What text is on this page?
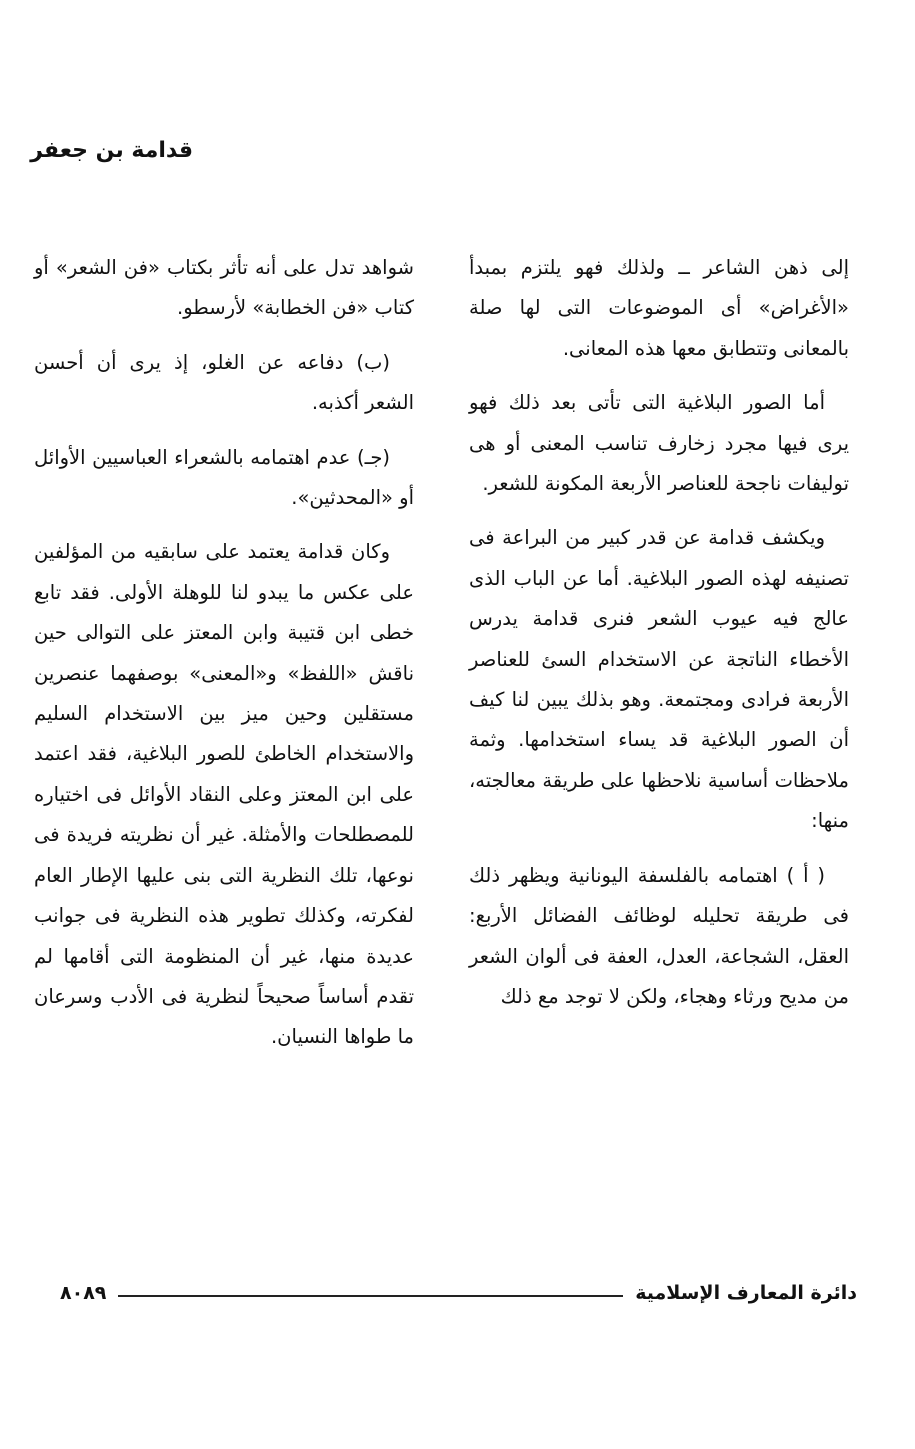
قدامة بن جعفر

إلى ذهن الشاعر ــ ولذلك فهو يلتزم بمبدأ «الأغراض» أى الموضوعات التى لها صلة بالمعانى وتتطابق معها هذه المعانى.

أما الصور البلاغية التى تأتى بعد ذلك فهو يرى فيها مجرد زخارف تناسب المعنى أو هى توليفات ناجحة للعناصر الأربعة المكونة للشعر.

ويكشف قدامة عن قدر كبير من البراعة فى تصنيفه لهذه الصور البلاغية. أما عن الباب الذى عالج فيه عيوب الشعر فنرى قدامة يدرس الأخطاء الناتجة عن الاستخدام السئ للعناصر الأربعة فرادى ومجتمعة. وهو بذلك يبين لنا كيف أن الصور البلاغية قد يساء استخدامها. وثمة ملاحظات أساسية نلاحظها على طريقة معالجته، منها:

( أ ) اهتمامه بالفلسفة اليونانية ويظهر ذلك فى طريقة تحليله لوظائف الفضائل الأربع: العقل، الشجاعة، العدل، العفة فى ألوان الشعر من مديح ورثاء وهجاء، ولكن لا توجد مع ذلك

شواهد تدل على أنه تأثر بكتاب «فن الشعر» أو كتاب «فن الخطابة» لأرسطو.

(ب) دفاعه عن الغلو، إذ يرى أن أحسن الشعر أكذبه.

(جـ) عدم اهتمامه بالشعراء العباسيين الأوائل أو «المحدثين».

وكان قدامة يعتمد على سابقيه من المؤلفين على عكس ما يبدو لنا للوهلة الأولى. فقد تابع خطى ابن قتيبة وابن المعتز على التوالى حين ناقش «اللفظ» و«المعنى» بوصفهما عنصرين مستقلين وحين ميز بين الاستخدام السليم والاستخدام الخاطئ للصور البلاغية، فقد اعتمد على ابن المعتز وعلى النقاد الأوائل فى اختياره للمصطلحات والأمثلة. غير أن نظريته فريدة فى نوعها، تلك النظرية التى بنى عليها الإطار العام لفكرته، وكذلك تطوير هذه النظرية فى جوانب عديدة منها، غير أن المنظومة التى أقامها لم تقدم أساساً صحيحاً لنظرية فى الأدب وسرعان ما طواها النسيان.

دائرة المعارف الإسلامية
٨٠٨٩
